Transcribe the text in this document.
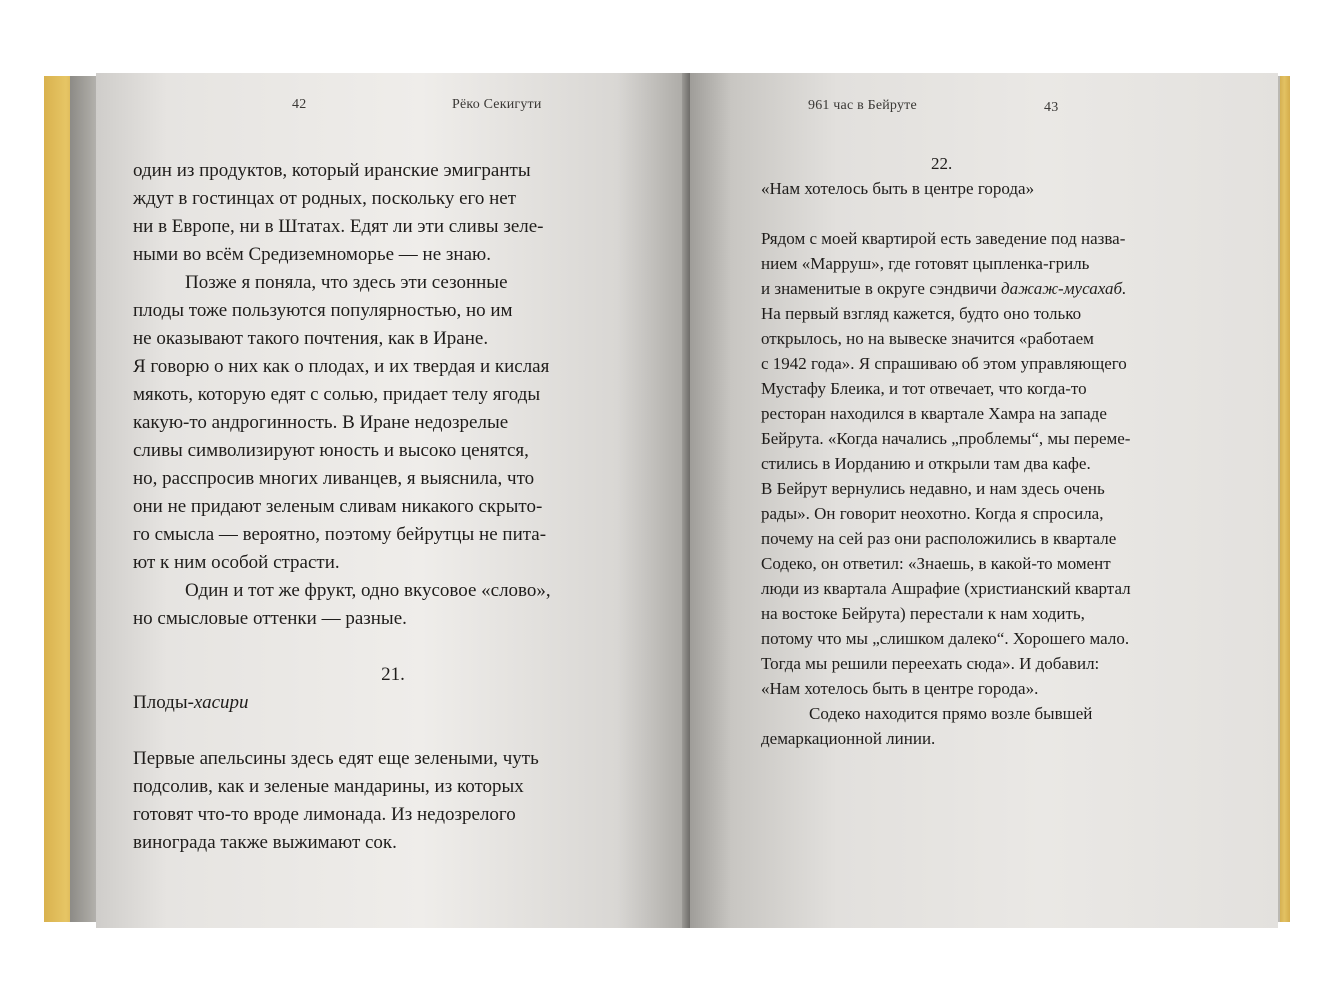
42	Рёко Секигути
один из продуктов, который иранские эмигранты
ждут в гостинцах от родных, поскольку его нет
ни в Европе, ни в Штатах. Едят ли эти сливы зеле-
ными во всём Средиземноморье — не знаю.
Позже я поняла, что здесь эти сезонные
плоды тоже пользуются популярностью, но им
не оказывают такого почтения, как в Иране.
Я говорю о них как о плодах, и их твердая и кислая
мякоть, которую едят с солью, придает телу ягоды
какую-то андрогинность. В Иране недозрелые
сливы символизируют юность и высоко ценятся,
но, расспросив многих ливанцев, я выяснила, что
они не придают зеленым сливам никакого скрыто-
го смысла — вероятно, поэтому бейрутцы не пита-
ют к ним особой страсти.
Один и тот же фрукт, одно вкусовое «слово»,
но смысловые оттенки — разные.
21.
Плоды-хасири
Первые апельсины здесь едят еще зелеными, чуть
подсолив, как и зеленые мандарины, из которых
готовят что-то вроде лимонада. Из недозрелого
винограда также выжимают сок.
961 час в Бейруте	43
22.
«Нам хотелось быть в центре города»
Рядом с моей квартирой есть заведение под назва-
нием «Марруш», где готовят цыпленка-гриль
и знаменитые в округе сэндвичи дажаж-мусахаб.
На первый взгляд кажется, будто оно только
открылось, но на вывеске значится «работаем
с 1942 года». Я спрашиваю об этом управляющего
Мустафу Блеика, и тот отвечает, что когда-то
ресторан находился в квартале Хамра на западе
Бейрута. «Когда начались „проблемы“, мы переме-
стились в Иорданию и открыли там два кафе.
В Бейрут вернулись недавно, и нам здесь очень
рады». Он говорит неохотно. Когда я спросила,
почему на сей раз они расположились в квартале
Содеко, он ответил: «Знаешь, в какой-то момент
люди из квартала Ашрафие (христианский квартал
на востоке Бейрута) перестали к нам ходить,
потому что мы „слишком далеко“. Хорошего мало.
Тогда мы решили переехать сюда». И добавил:
«Нам хотелось быть в центре города».
Содеко находится прямо возле бывшей
демаркационной линии.
